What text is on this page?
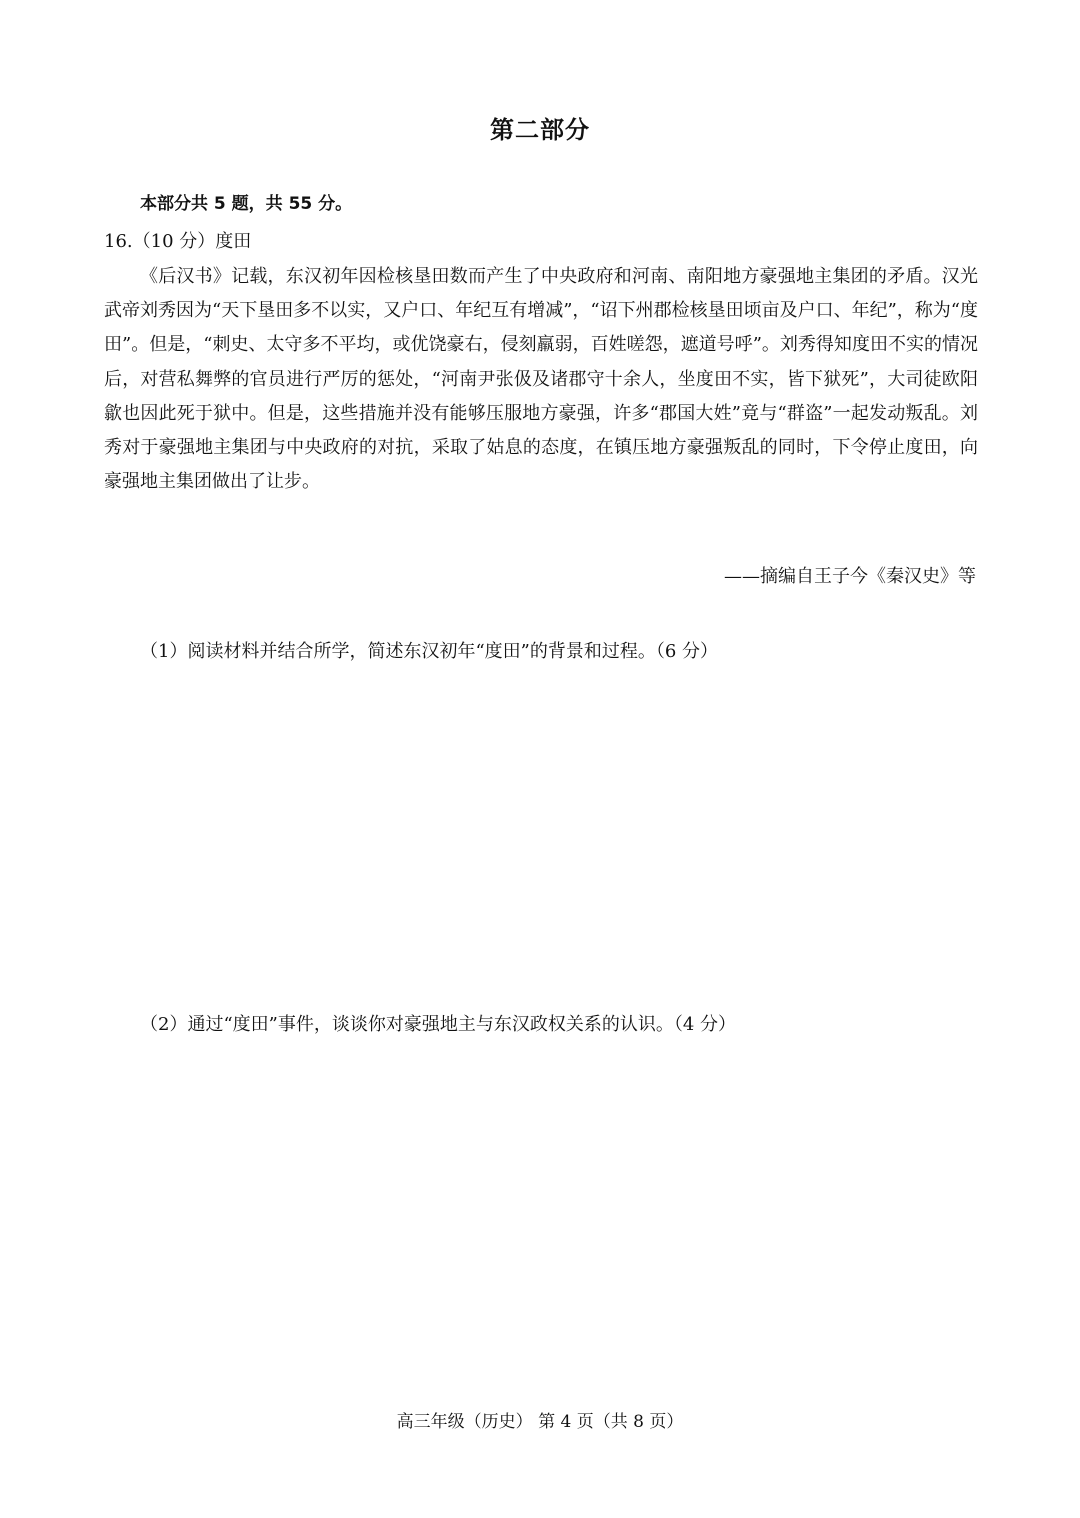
第二部分
本部分共 5 题，共 55 分。
16.（10 分）度田

《后汉书》记载，东汉初年因检核垦田数而产生了中央政府和河南、南阳地方豪强地主集团的矛盾。汉光武帝刘秀因为“天下垦田多不以实，又户口、年纪互有增减”，“诏下州郡检核垦田顷亩及户口、年纪”，称为“度田”。但是，“刺史、太守多不平均，或优饶豪右，侵刻羸弱，百姓嗟怨，遮道号呼”。刘秀得知度田不实的情况后，对营私舞弊的官员进行严厉的惩处，“河南尹张伋及诸郡守十余人，坐度田不实，皆下狱死”，大司徒欧阳歙也因此死于狱中。但是，这些措施并没有能够压服地方豪强，许多“郡国大姓”竟与“群盗”一起发动叛乱。刘秀对于豪强地主集团与中央政府的对抗，采取了姑息的态度，在镇压地方豪强叛乱的同时，下令停止度田，向豪强地主集团做出了让步。

——摘编自王子今《秦汉史》等
（1）阅读材料并结合所学，简述东汉初年“度田”的背景和过程。（6 分）
（2）通过“度田”事件，谈谈你对豪强地主与东汉政权关系的认识。（4 分）
高三年级（历史） 第 4 页（共 8 页）
